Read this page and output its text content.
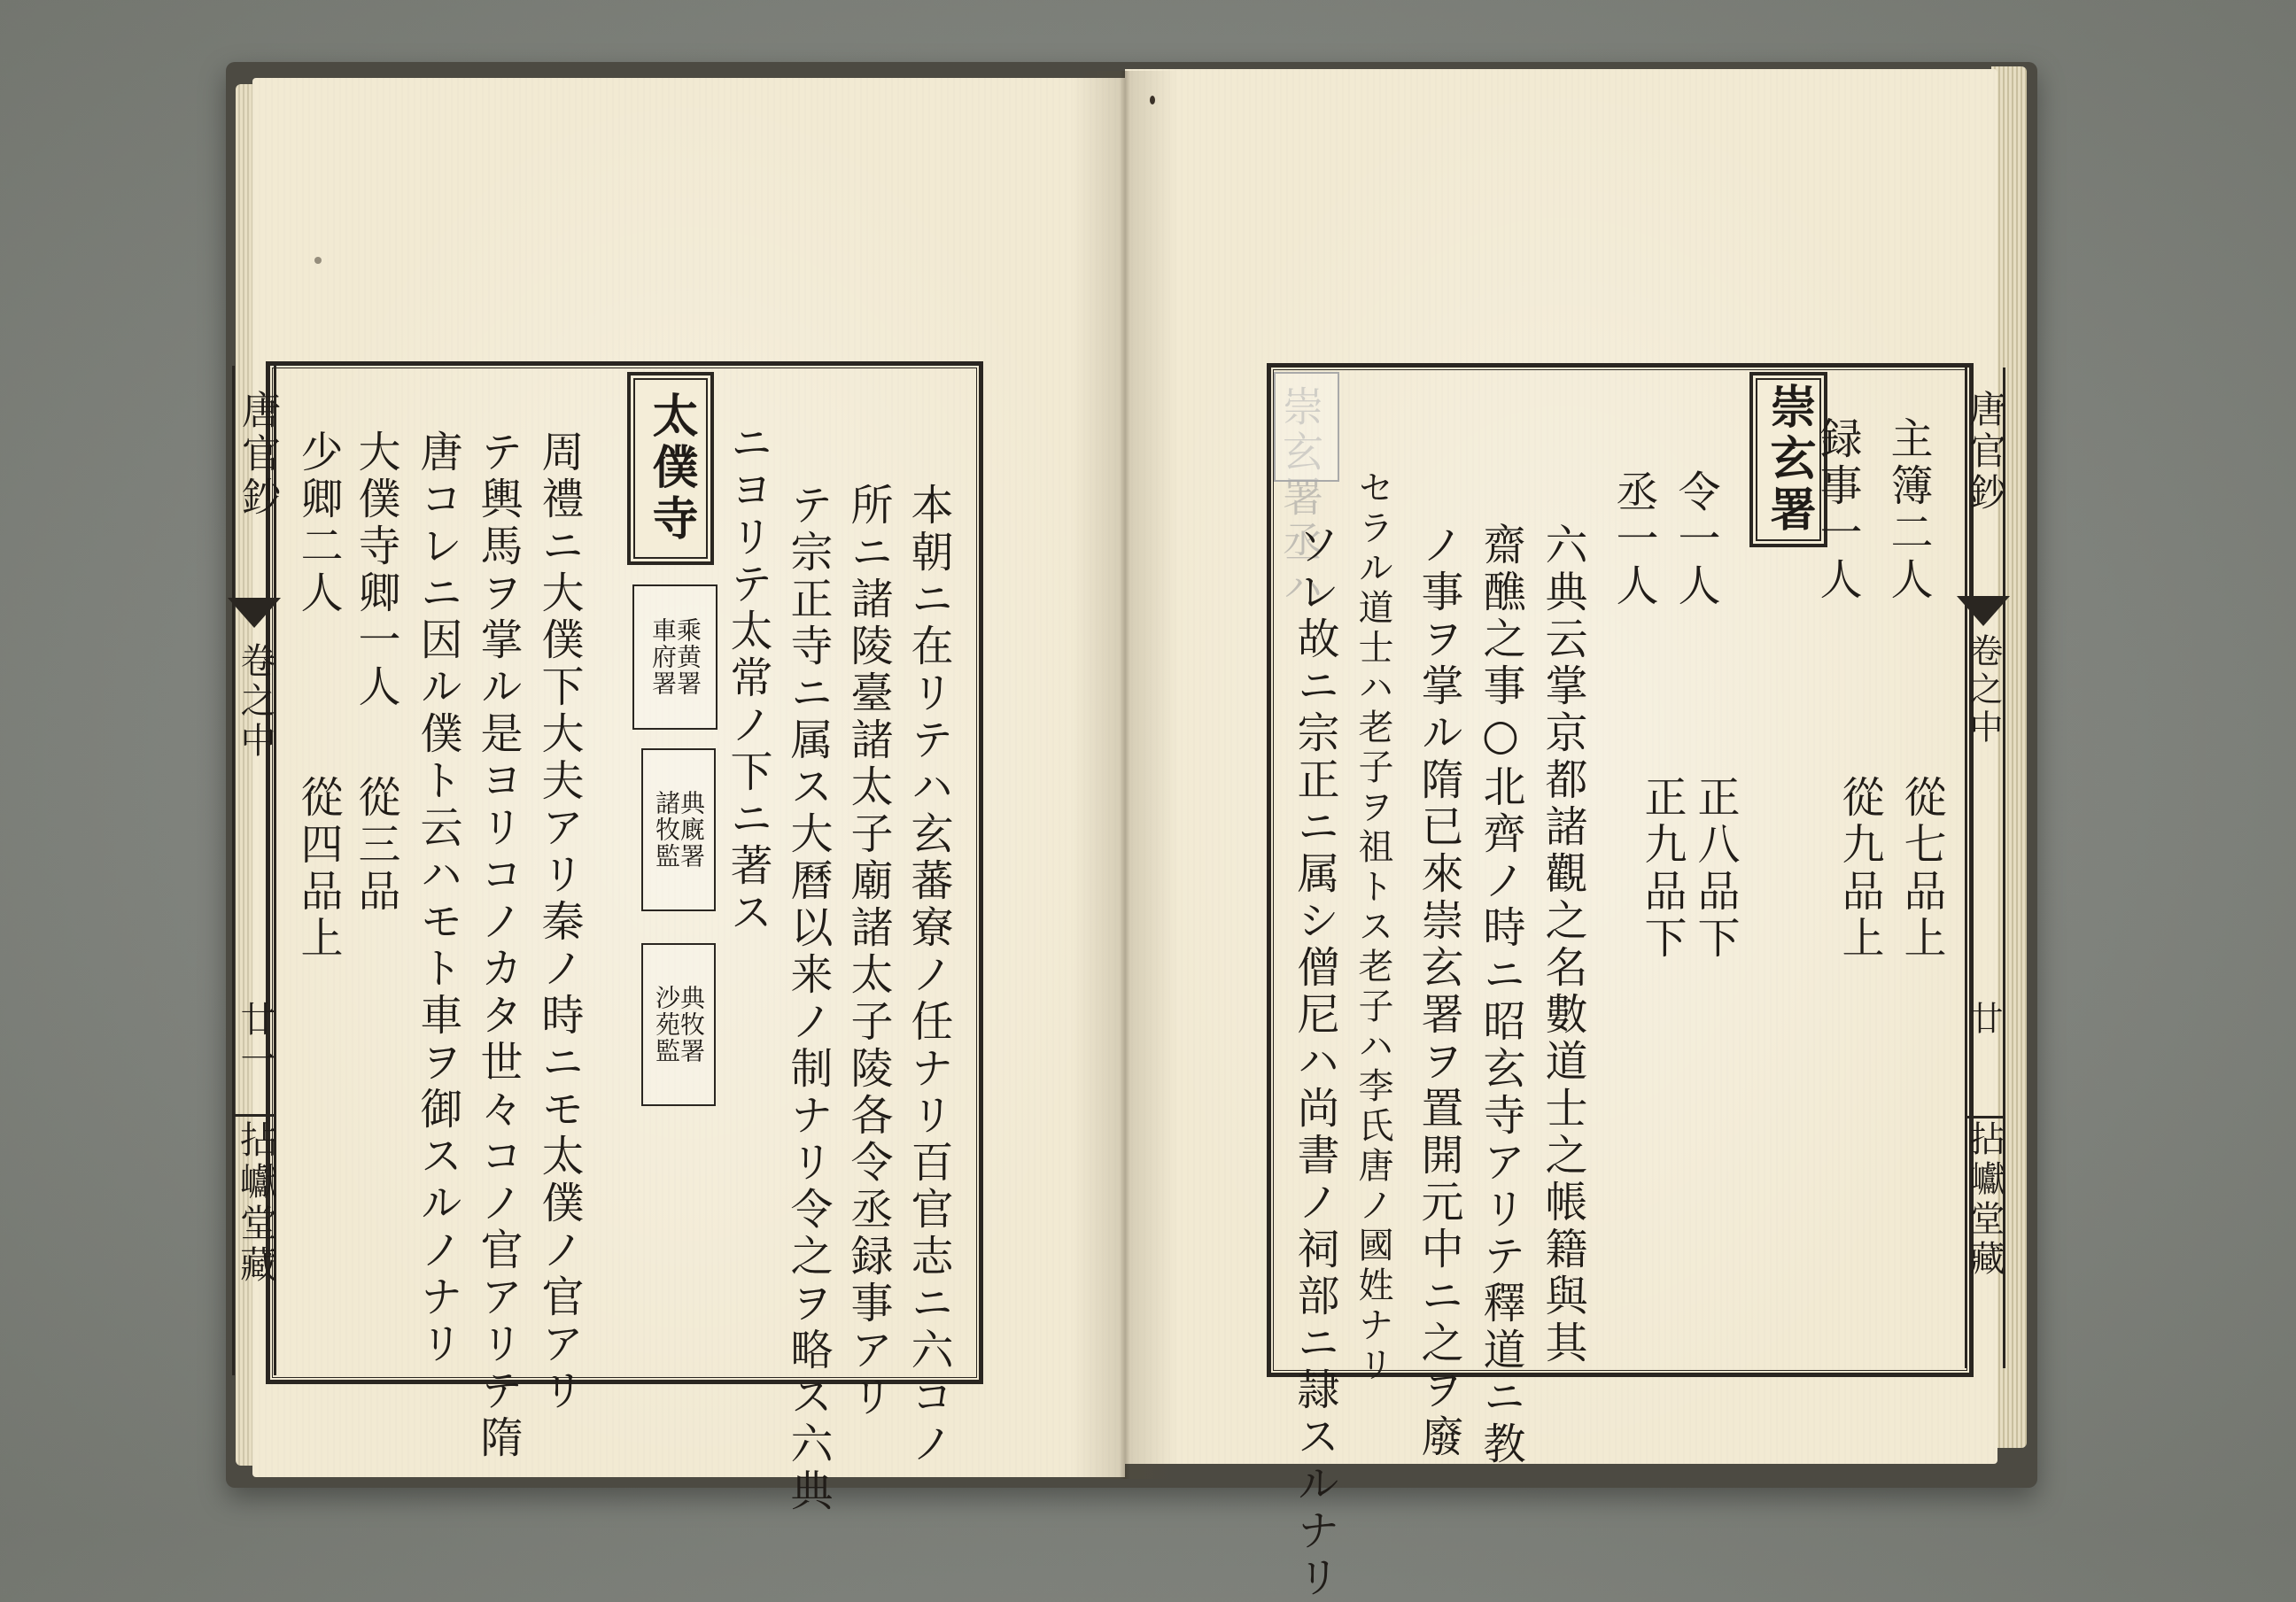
唐官鈔
卷之中
廿一
拈巘堂藏
少卿二人
從四品上
大僕寺卿一人
從三品 唐コレニ因ル僕ト云ハモト車ヲ御スルノナリ テ輿馬ヲ掌ル是ヨリコノカタ世々コノ官アリテ隋 周禮ニ大僕下大夫アリ秦ノ時ニモ太僕ノ官アリ	沙苑監
典牧署
諸牧監
典廐署
車府署
乘黄署
太僕寺 ニヨリテ太常ノ下ニ著ス テ宗正寺ニ属ス大曆以来ノ制ナリ令之ヲ略ス六典 所ニ諸陵臺諸太子廟諸太子陵各令丞録事アリ 本朝ニ在リテハ玄蕃寮ノ任ナリ百官志ニ六コノ	崇玄署丞ハ
ソレ故ニ宗正ニ属シ僧尼ハ尚書ノ祠部ニ隷スルナリ セラル道士ハ老子ヲ祖トス老子ハ李氏唐ノ國姓ナリ ノ事ヲ掌ル隋已來崇玄署ヲ置開元中ニ之ヲ廢 齋醮之事○北齊ノ時ニ昭玄寺アリテ釋道ニ教 六典云掌京都諸觀之名數道士之帳籍與其 丞一人
正九品下
令一人
正八品下
崇玄署
録事一人
從九品上
主簿二人
從七品上
唐官鈔
卷之中
廿
拈巘堂藏
